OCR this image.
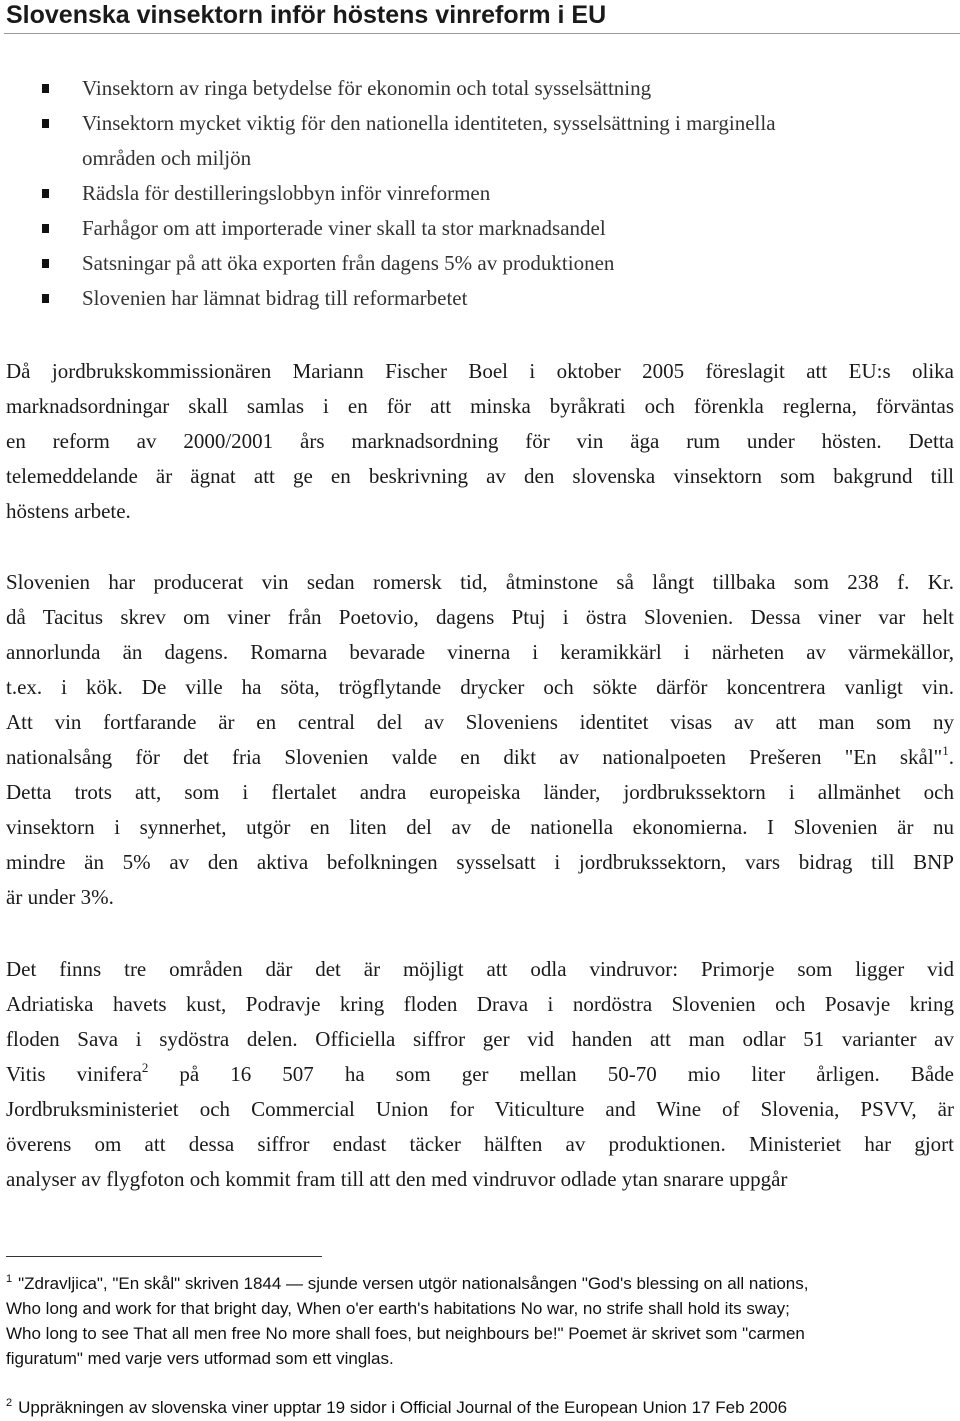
Slovenska vinsektorn inför höstens vinreform i EU
Vinsektorn av ringa betydelse för ekonomin och total sysselsättning
Vinsektorn mycket viktig för den nationella identiteten, sysselsättning i marginella
områden och miljön
Rädsla för destilleringslobbyn inför vinreformen
Farhågor om att importerade viner skall ta stor marknadsandel
Satsningar på att öka exporten från dagens 5% av produktionen
Slovenien har lämnat bidrag till reformarbetet
Då jordbrukskommissionären Mariann Fischer Boel i oktober 2005 föreslagit att EU:s olika
marknadsordningar skall samlas i en för att minska byråkrati och förenkla reglerna, förväntas
en reform av 2000/2001 års marknadsordning för vin äga rum under hösten. Detta
telemeddelande är ägnat att ge en beskrivning av den slovenska vinsektorn som bakgrund till
höstens arbete.
Slovenien har producerat vin sedan romersk tid, åtminstone så långt tillbaka som 238 f. Kr.
då Tacitus skrev om viner från Poetovio, dagens Ptuj i östra Slovenien. Dessa viner var helt
annorlunda än dagens. Romarna bevarade vinerna i keramikkärl i närheten av värmekällor,
t.ex. i kök. De ville ha söta, trögflytande drycker och sökte därför koncentrera vanligt vin.
Att vin fortfarande är en central del av Sloveniens identitet visas av att man som ny
nationalsång för det fria Slovenien valde en dikt av nationalpoeten Prešeren "En skål"$^1$.
Detta trots att, som i flertalet andra europeiska länder, jordbrukssektorn i allmänhet och
vinsektorn i synnerhet, utgör en liten del av de nationella ekonomierna. I Slovenien är nu
mindre än 5% av den aktiva befolkningen sysselsatt i jordbrukssektorn, vars bidrag till BNP
är under 3%.
Det finns tre områden där det är möjligt att odla vindruvor: Primorje som ligger vid
Adriatiska havets kust, Podravje kring floden Drava i nordöstra Slovenien och Posavje kring
floden Sava i sydöstra delen. Officiella siffror ger vid handen att man odlar 51 varianter av
Vitis vinifera$^2$ på 16 507 ha som ger mellan 50-70 mio liter årligen. Både
Jordbruksministeriet och Commercial Union for Viticulture and Wine of Slovenia, PSVV, är
överens om att dessa siffror endast täcker hälften av produktionen. Ministeriet har gjort
analyser av flygfoton och kommit fram till att den med vindruvor odlade ytan snarare uppgår
$^1$ "Zdravljica", "En skål" skriven 1844 — sjunde versen utgör nationalsången "God's blessing on all nations,
Who long and work for that bright day, When o'er earth's habitations No war, no strife shall hold its sway;
Who long to see That all men free No more shall foes, but neighbours be!" Poemet är skrivet som "carmen
figuratum" med varje vers utformad som ett vinglas.
$^2$ Uppräkningen av slovenska viner upptar 19 sidor i Official Journal of the European Union 17 Feb 2006
